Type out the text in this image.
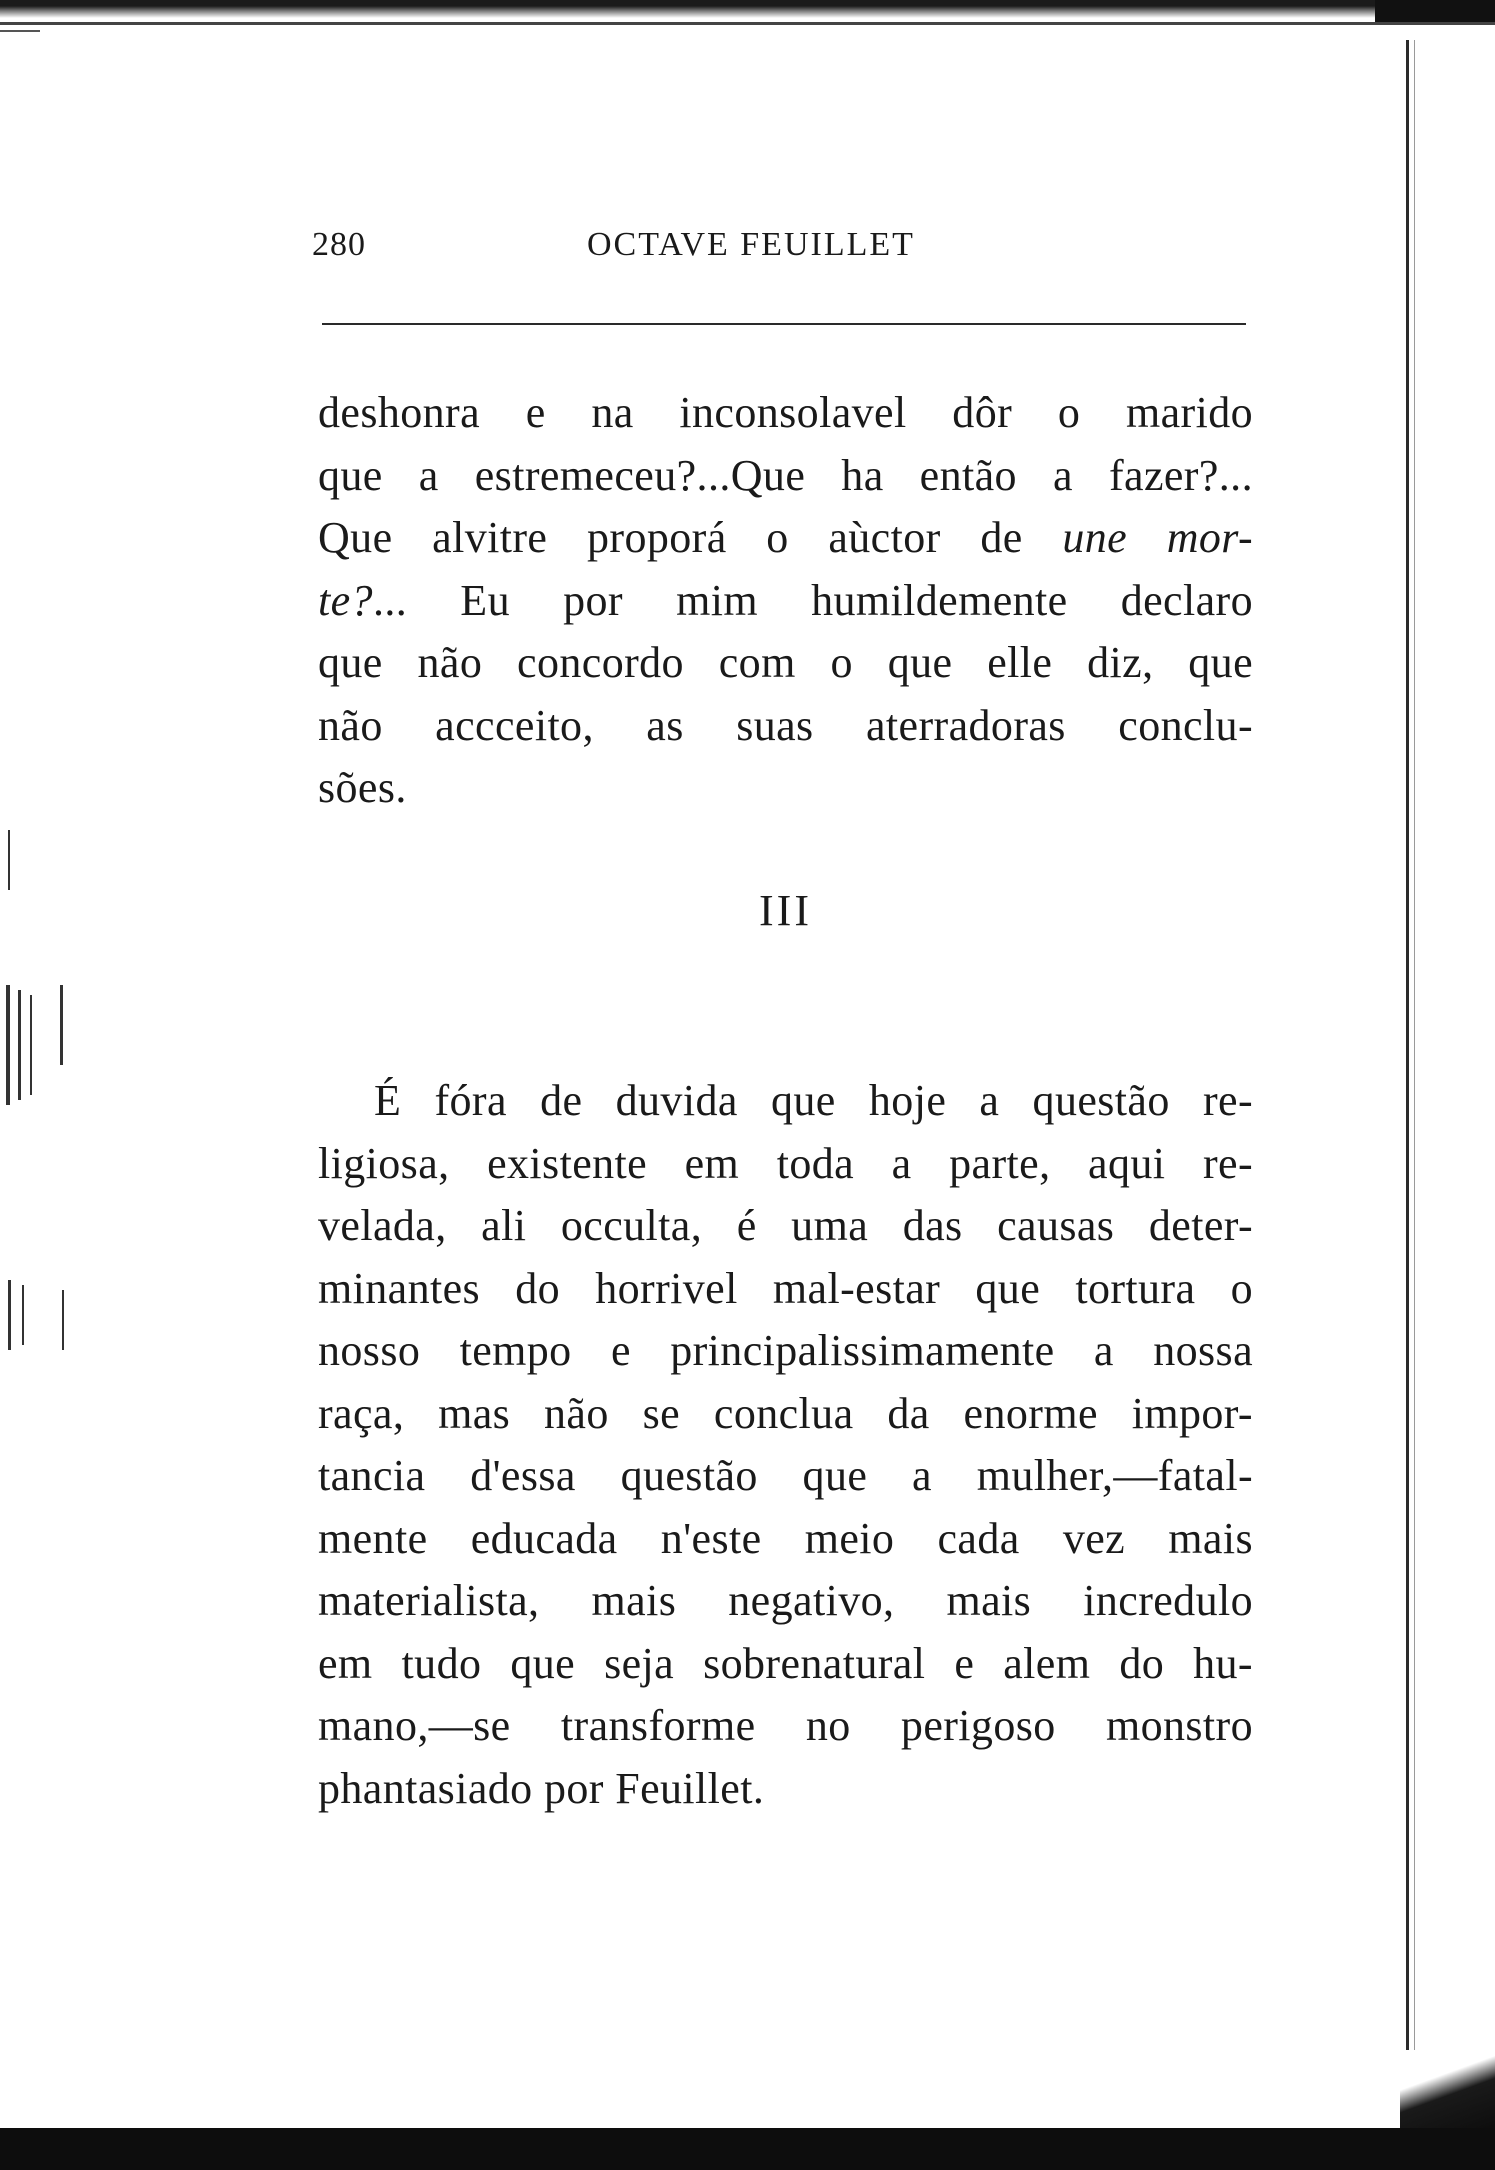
280	OCTAVE FEUILLET
deshonra e na inconsolavel dôr o marido
que a estremeceu?...Que ha então a fazer?...
Que alvitre proporá o aùctor de une mor-
te?... Eu por mim humildemente declaro
que não concordo com o que elle diz, que
não accceito, as suas aterradoras conclu-
sões.
III
É fóra de duvida que hoje a questão re-
ligiosa, existente em toda a parte, aqui re-
velada, ali occulta, é uma das causas deter-
minantes do horrivel mal-estar que tortura o
nosso tempo e principalissimamente a nossa
raça, mas não se conclua da enorme impor-
tancia d'essa questão que a mulher,—fatal-
mente educada n'este meio cada vez mais
materialista, mais negativo, mais incredulo
em tudo que seja sobrenatural e alem do hu-
mano,—se transforme no perigoso monstro
phantasiado por Feuillet.
